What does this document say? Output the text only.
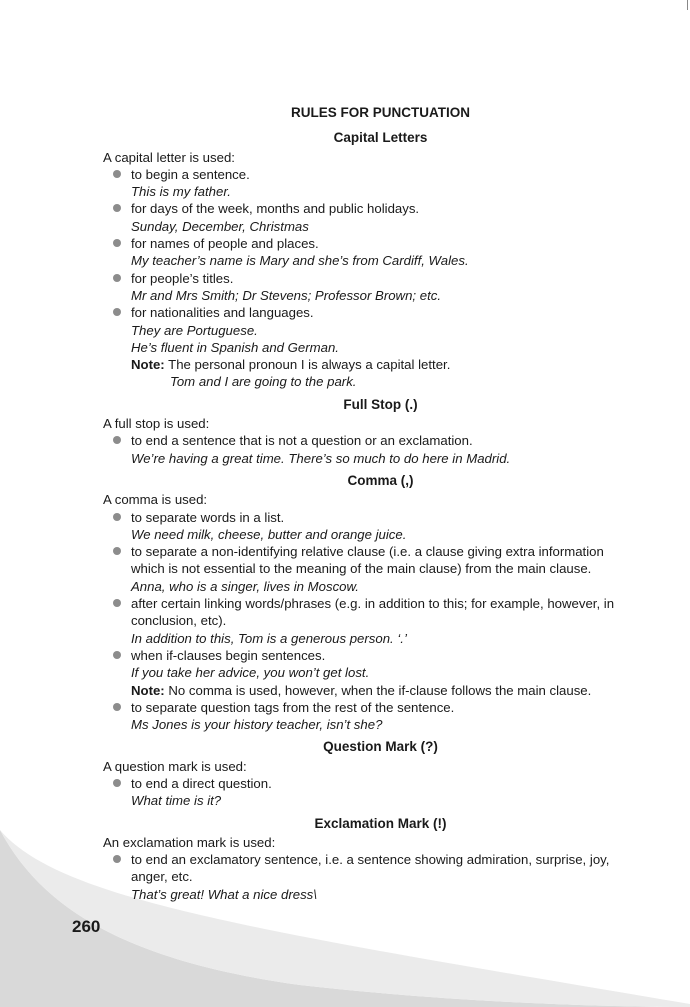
RULES FOR PUNCTUATION
Capital Letters
A capital letter is used:
to begin a sentence.
This is my father.
for days of the week, months and public holidays.
Sunday, December, Christmas
for names of people and places.
My teacher’s name is Mary and she’s from Cardiff, Wales.
for people’s titles.
Mr and Mrs Smith; Dr Stevens; Professor Brown; etc.
for nationalities and languages.
They are Portuguese.
He’s fluent in Spanish and German.
Note: The personal pronoun I is always a capital letter.
Tom and I are going to the park.
Full Stop (.)
A full stop is used:
to end a sentence that is not a question or an exclamation.
We’re having a great time. There’s so much to do here in Madrid.
Comma (,)
A comma is used:
to separate words in a list.
We need milk, cheese, butter and orange juice.
to separate a non-identifying relative clause (i.e. a clause giving extra information which is not essential to the meaning of the main clause) from the main clause.
Anna, who is a singer, lives in Moscow.
after certain linking words/phrases (e.g. in addition to this; for example, however, in conclusion, etc).
In addition to this, Tom is a generous person. ‘.’
when if-clauses begin sentences.
If you take her advice, you won’t get lost.
Note: No comma is used, however, when the if-clause follows the main clause.
to separate question tags from the rest of the sentence.
Ms Jones is your history teacher, isn’t she?
Question Mark (?)
A question mark is used:
to end a direct question.
What time is it?
Exclamation Mark (!)
An exclamation mark is used:
to end an exclamatory sentence, i.e. a sentence showing admiration, surprise, joy, anger, etc.
That’s great! What a nice dress\
260
